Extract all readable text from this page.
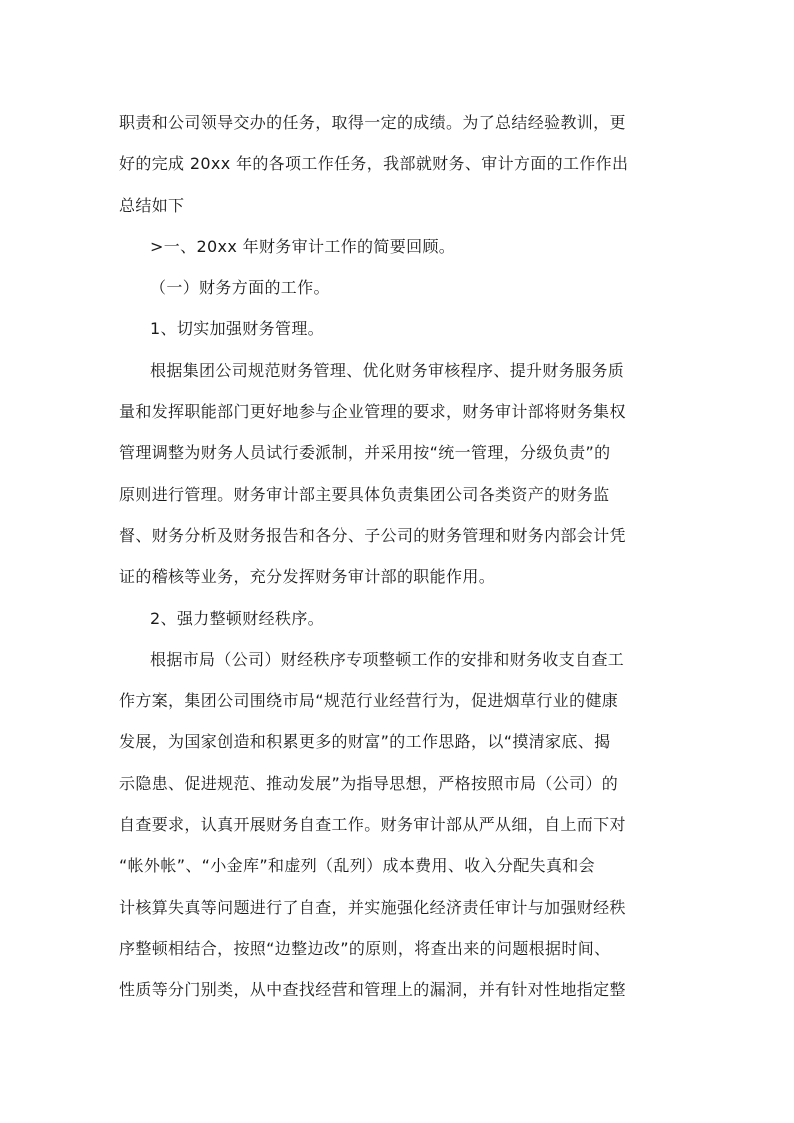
职责和公司领导交办的任务，取得一定的成绩。为了总结经验教训，更

好的完成 20xx 年的各项工作任务，我部就财务、审计方面的工作作出

总结如下

>一、20xx 年财务审计工作的简要回顾。

（一）财务方面的工作。

1、切实加强财务管理。

根据集团公司规范财务管理、优化财务审核程序、提升财务服务质

量和发挥职能部门更好地参与企业管理的要求，财务审计部将财务集权

管理调整为财务人员试行委派制，并采用按“统一管理，分级负责”的

原则进行管理。财务审计部主要具体负责集团公司各类资产的财务监

督、财务分析及财务报告和各分、子公司的财务管理和财务内部会计凭

证的稽核等业务，充分发挥财务审计部的职能作用。

2、强力整顿财经秩序。

根据市局（公司）财经秩序专项整顿工作的安排和财务收支自查工

作方案，集团公司围绕市局“规范行业经营行为，促进烟草行业的健康

发展，为国家创造和积累更多的财富”的工作思路，以“摸清家底、揭

示隐患、促进规范、推动发展”为指导思想，严格按照市局（公司）的

自查要求，认真开展财务自查工作。财务审计部从严从细，自上而下对

“帐外帐”、“小金库”和虚列（乱列）成本费用、收入分配失真和会

计核算失真等问题进行了自查，并实施强化经济责任审计与加强财经秩

序整顿相结合，按照“边整边改”的原则，将查出来的问题根据时间、

性质等分门别类，从中查找经营和管理上的漏洞，并有针对性地指定整
